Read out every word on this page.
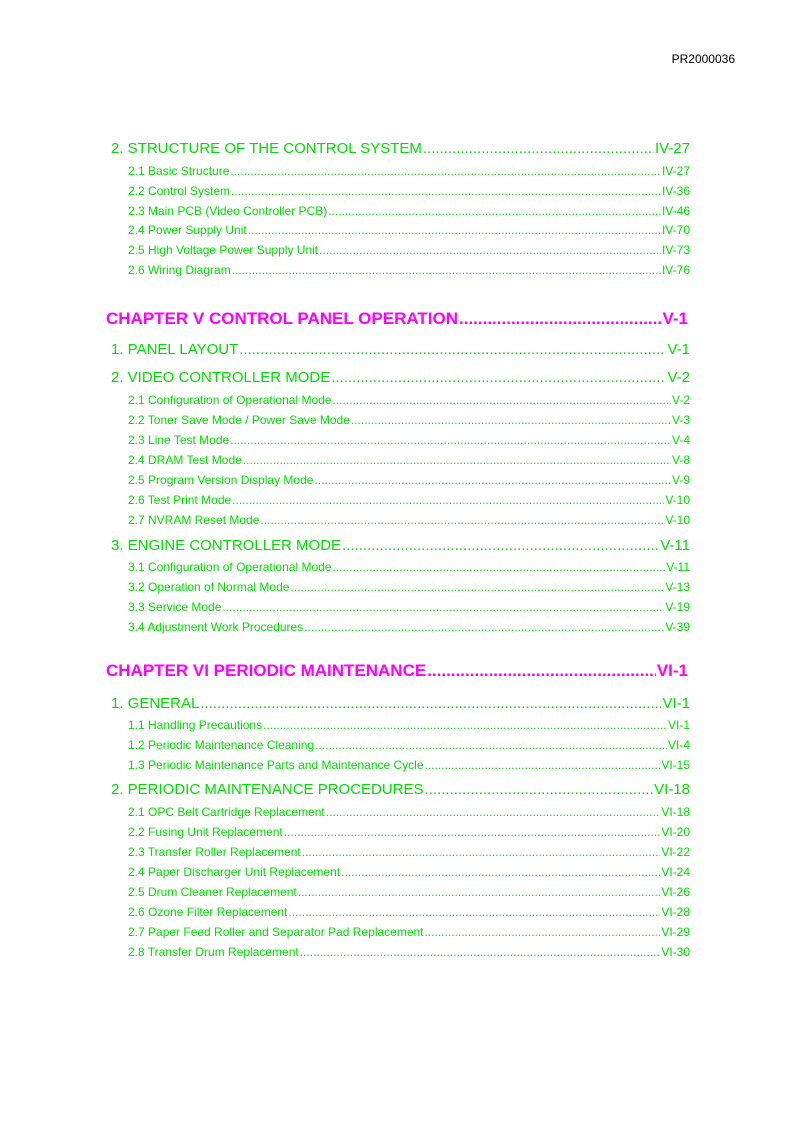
PR2000036
2. STRUCTURE OF THE CONTROL SYSTEM .....	IV-27
2.1 Basic Structure .....	IV-27
2.2 Control System .....	IV-36
2.3 Main PCB (Video Controller PCB) .....	IV-46
2.4 Power Supply Unit .....	IV-70
2.5 High Voltage Power Supply Unit .....	IV-73
2.6 Wiring Diagram .....	IV-76
CHAPTER V CONTROL PANEL OPERATION .....	V-1
1. PANEL LAYOUT .....	V-1
2. VIDEO CONTROLLER MODE .....	V-2
2.1 Configuration of Operational Mode .....	V-2
2.2 Toner Save Mode / Power Save Mode .....	V-3
2.3 Line Test Mode .....	V-4
2.4 DRAM Test Mode .....	V-8
2.5 Program Version Display Mode .....	V-9
2.6 Test Print Mode .....	V-10
2.7 NVRAM Reset Mode .....	V-10
3. ENGINE CONTROLLER MODE .....	V-11
3.1 Configuration of Operational Mode .....	V-11
3.2 Operation of Normal Mode .....	V-13
3.3 Service Mode .....	V-19
3.4 Adjustment Work Procedures .....	V-39
CHAPTER VI PERIODIC MAINTENANCE .....	VI-1
1. GENERAL .....	VI-1
1.1 Handling Precautions .....	VI-1
1.2 Periodic Maintenance Cleaning .....	VI-4
1.3 Periodic Maintenance Parts and Maintenance Cycle .....	VI-15
2. PERIODIC MAINTENANCE PROCEDURES .....	VI-18
2.1 OPC Belt Cartridge Replacement .....	VI-18
2.2 Fusing Unit Replacement .....	VI-20
2.3 Transfer Roller Replacement .....	VI-22
2.4 Paper Discharger Unit Replacement .....	VI-24
2.5 Drum Cleaner Replacement .....	VI-26
2.6 Ozone Filter Replacement .....	VI-28
2.7 Paper Feed Roller and Separator Pad Replacement .....	VI-29
2.8 Transfer Drum Replacement .....	VI-30
